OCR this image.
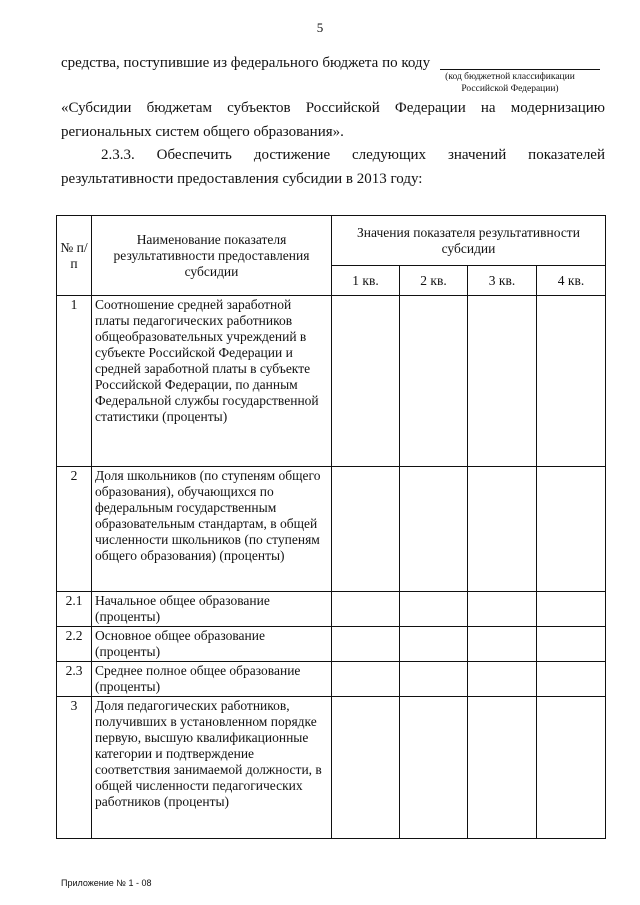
5
средства, поступившие из федерального бюджета по коду
(код бюджетной классификации
Российской Федерации)
«Субсидии бюджетам субъектов Российской Федерации на модернизацию региональных систем общего образования».
2.3.3. Обеспечить достижение следующих значений показателей результативности предоставления субсидии в 2013 году:
№ п/п	Наименование показателя результативности предоставления субсидии	Значения показателя результативности субсидии			
		1 кв.	2 кв.	3 кв.	4 кв.
1	Соотношение средней заработной платы педагогических работников общеобразовательных учреждений в субъекте Российской Федерации и средней заработной платы в субъекте Российской Федерации, по данным Федеральной службы государственной статистики (проценты)				
2	Доля школьников (по ступеням общего образования), обучающихся по федеральным государственным образовательным стандартам, в общей численности школьников (по ступеням общего образования) (проценты)				
2.1	Начальное общее образование (проценты)				
2.2	Основное общее образование (проценты)				
2.3	Среднее полное общее образование (проценты)				
3	Доля педагогических работников, получивших в установленном порядке первую, высшую квалификационные категории и подтверждение соответствия занимаемой должности, в общей численности педагогических работников (проценты)				
Приложение № 1 - 08
